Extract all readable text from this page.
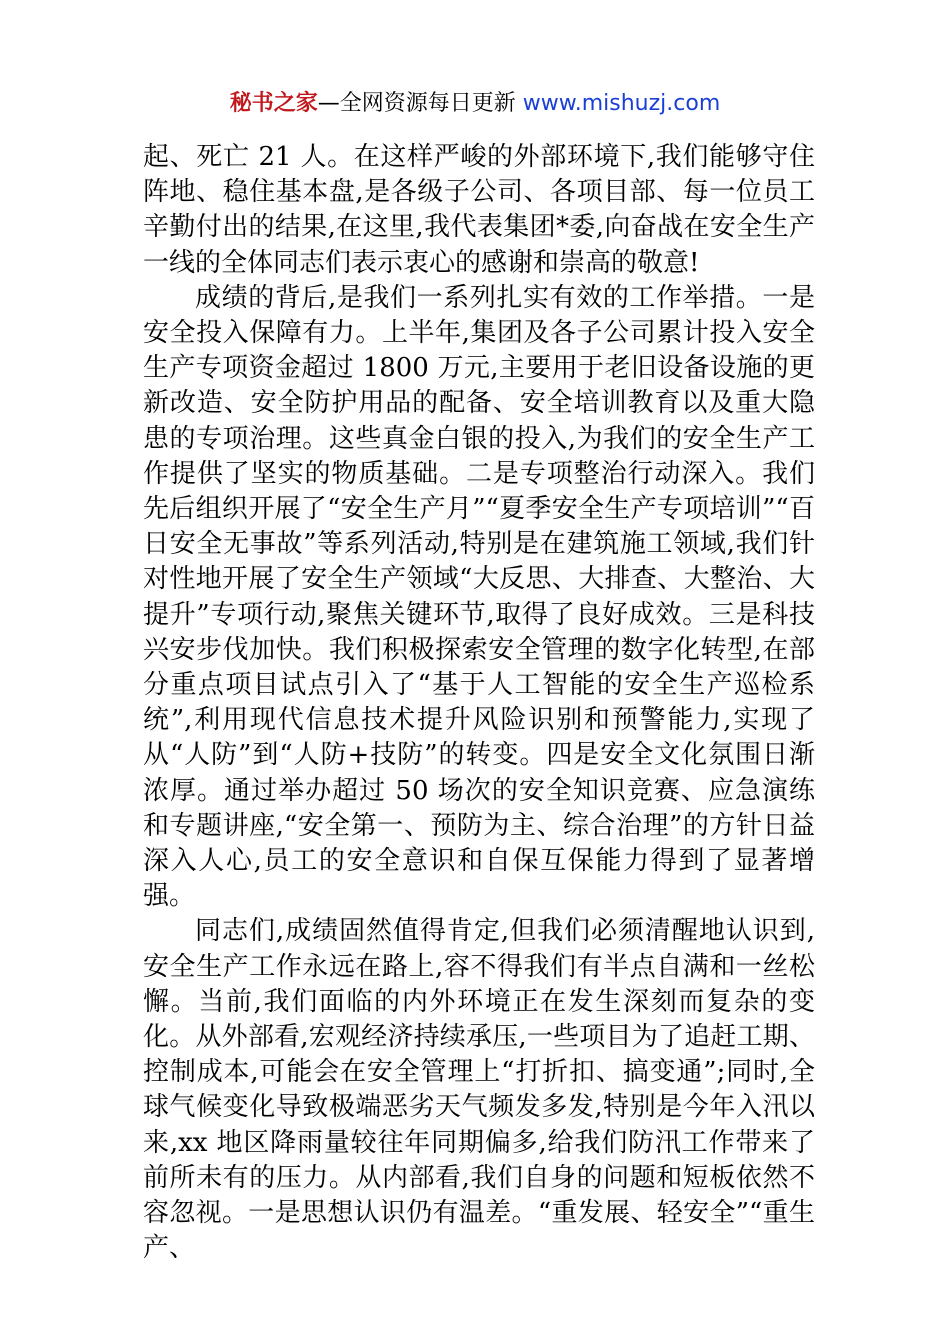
秘书之家—全网资源每日更新 www.mishuzj.com

起、死亡 21 人。在这样严峻的外部环境下,我们能够守住阵地、稳住基本盘,是各级子公司、各项目部、每一位员工辛勤付出的结果,在这里,我代表集团*委,向奋战在安全生产一线的全体同志们表示衷心的感谢和崇高的敬意!

成绩的背后,是我们一系列扎实有效的工作举措。一是安全投入保障有力。上半年,集团及各子公司累计投入安全生产专项资金超过 1800 万元,主要用于老旧设备设施的更新改造、安全防护用品的配备、安全培训教育以及重大隐患的专项治理。这些真金白银的投入,为我们的安全生产工作提供了坚实的物质基础。二是专项整治行动深入。我们先后组织开展了“安全生产月”“夏季安全生产专项培训”“百日安全无事故”等系列活动,特别是在建筑施工领域,我们针对性地开展了安全生产领域“大反思、大排查、大整治、大提升”专项行动,聚焦关键环节,取得了良好成效。三是科技兴安步伐加快。我们积极探索安全管理的数字化转型,在部分重点项目试点引入了“基于人工智能的安全生产巡检系统”,利用现代信息技术提升风险识别和预警能力,实现了从“人防”到“人防+技防”的转变。四是安全文化氛围日渐浓厚。通过举办超过 50 场次的安全知识竞赛、应急演练和专题讲座,“安全第一、预防为主、综合治理”的方针日益深入人心,员工的安全意识和自保互保能力得到了显著增强。

同志们,成绩固然值得肯定,但我们必须清醒地认识到,安全生产工作永远在路上,容不得我们有半点自满和一丝松懈。当前,我们面临的内外环境正在发生深刻而复杂的变化。从外部看,宏观经济持续承压,一些项目为了追赶工期、控制成本,可能会在安全管理上“打折扣、搞变通”;同时,全球气候变化导致极端恶劣天气频发多发,特别是今年入汛以来,xx 地区降雨量较往年同期偏多,给我们防汛工作带来了前所未有的压力。从内部看,我们自身的问题和短板依然不容忽视。一是思想认识仍有温差。“重发展、轻安全”“重生产、
